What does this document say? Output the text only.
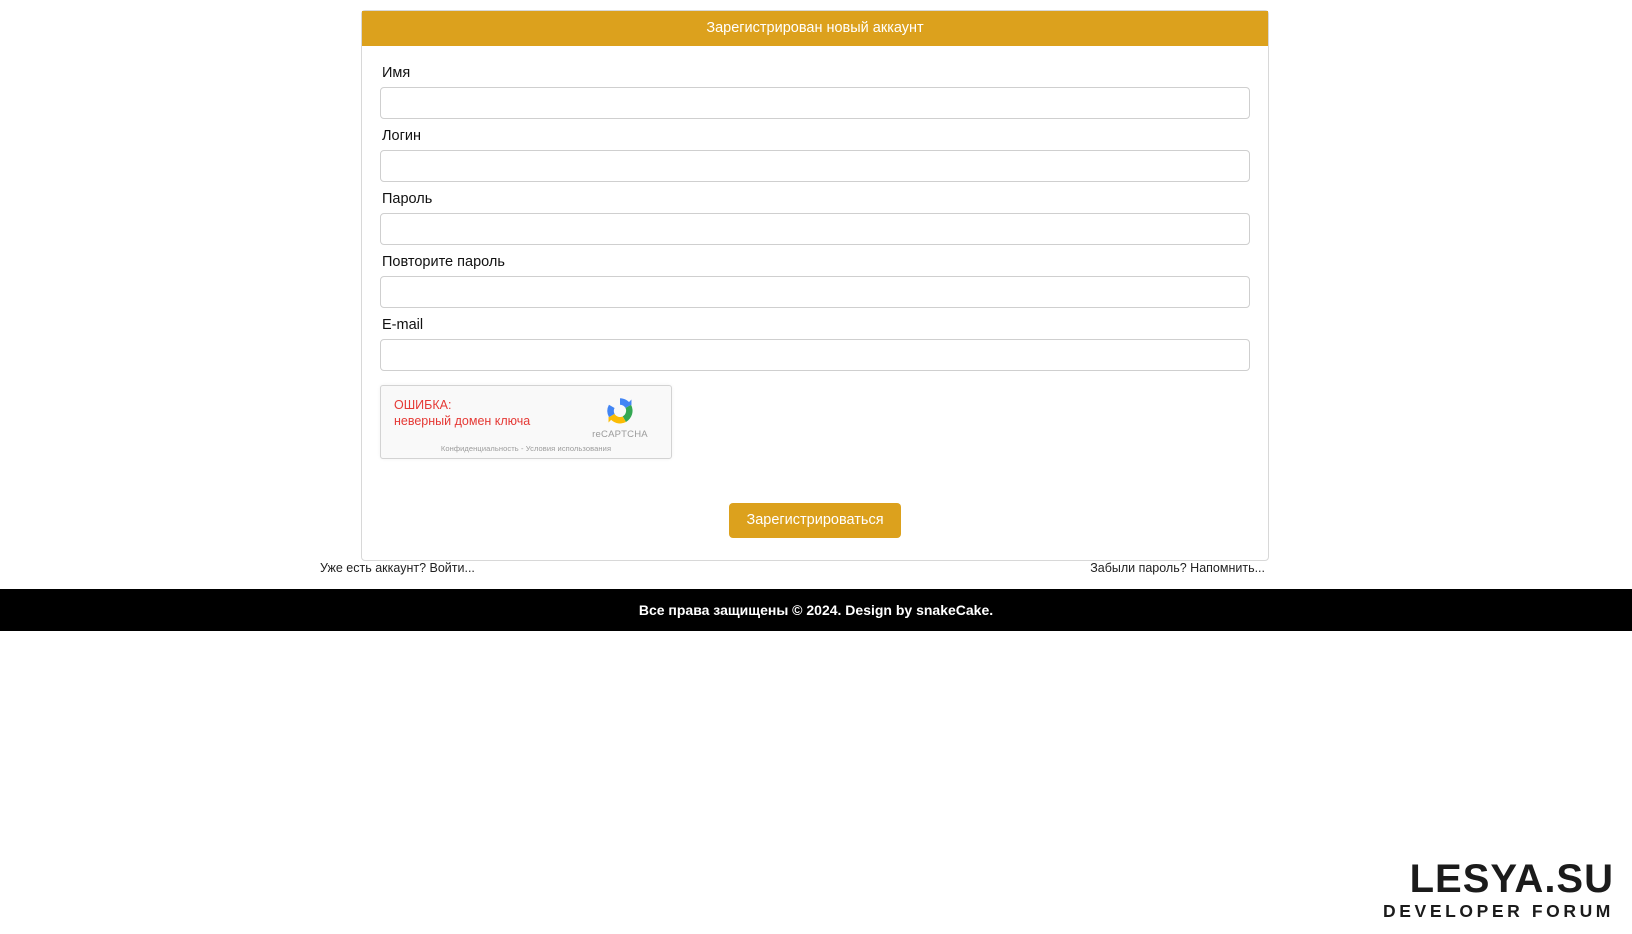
Зарегистрирован новый аккаунт
Имя
Логин
Пароль
Повторите пароль
E-mail
ОШИБКА:
неверный домен ключа
reCAPTCHA
Конфиденциальность - Условия использования
Зарегистрироваться
Уже есть аккаунт? Войти...	Забыли пароль? Напомнить...
Все права защищены © 2024. Design by snakeCake.
LESYA.SU
DEVELOPER FORUM
